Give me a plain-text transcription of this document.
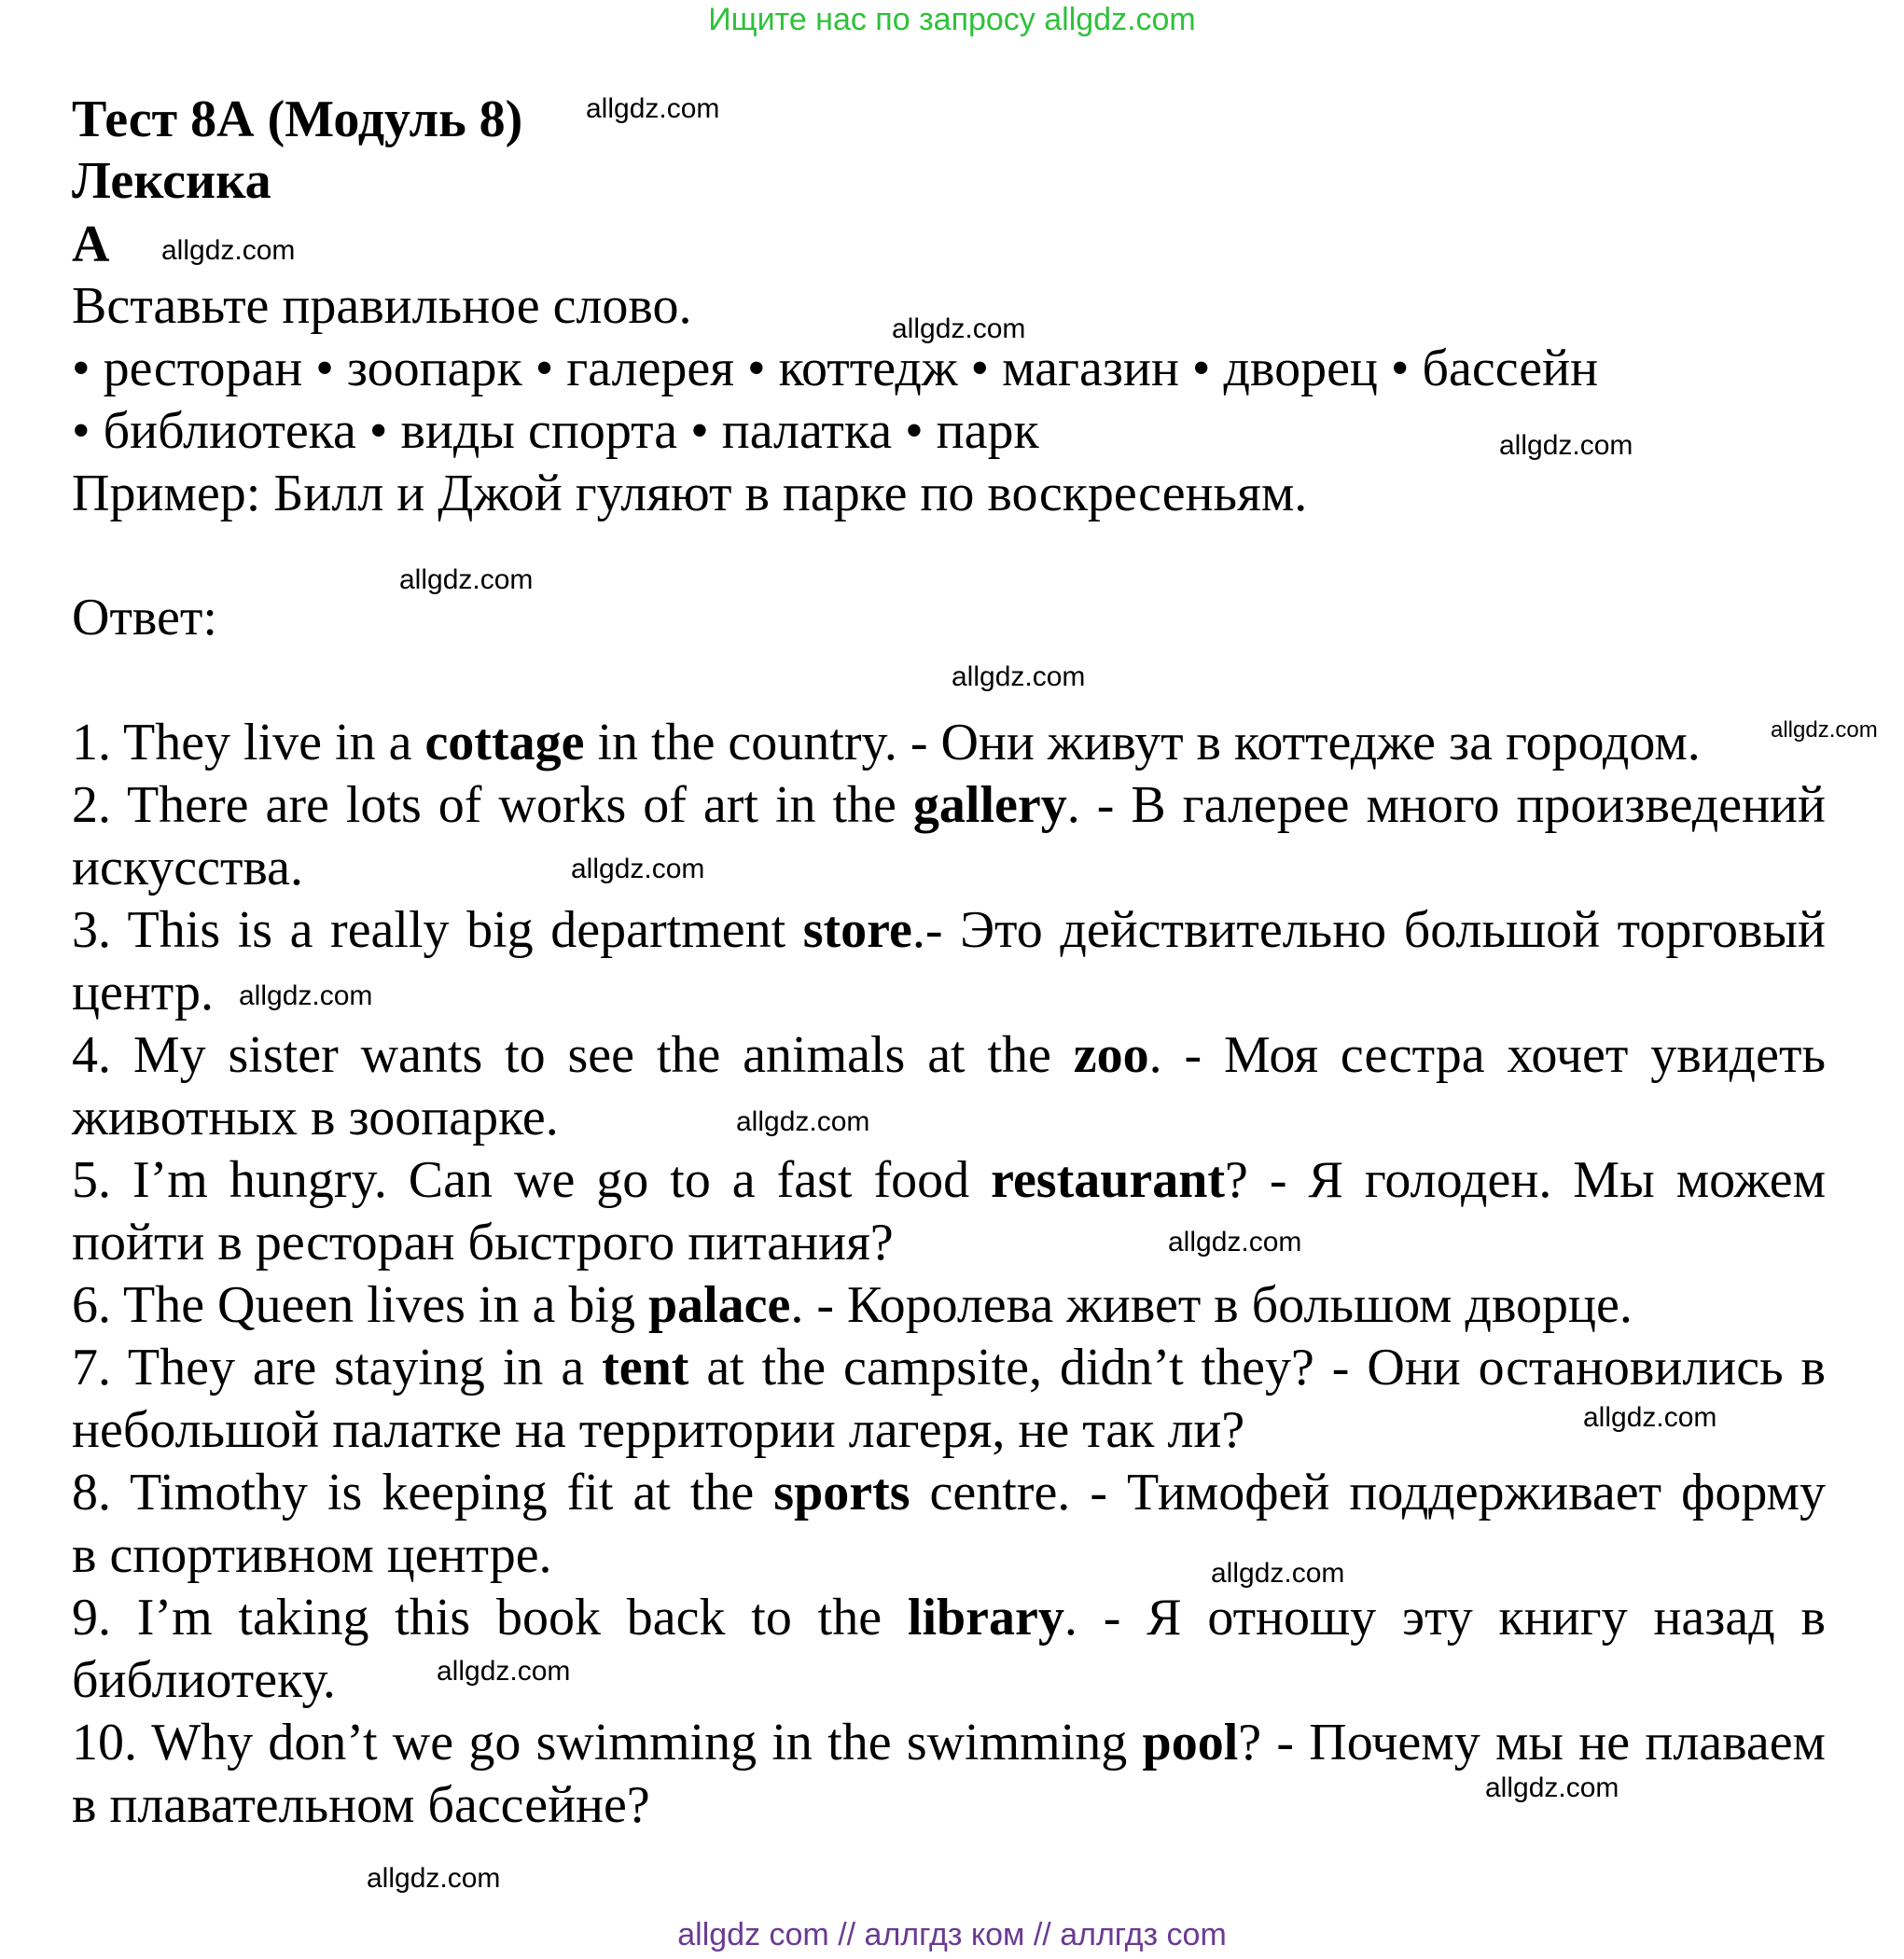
Ищите нас по запросу allgdz.com
Тест 8А (Модуль 8)
Лексика
А
Вставьте правильное слово.
• ресторан • зоопарк • галерея • коттедж • магазин • дворец • бассейн
• библиотека • виды спорта • палатка • парк
Пример: Билл и Джой гуляют в парке по воскресеньям.
Ответ:
1. They live in a cottage in the country. - Они живут в коттедже за городом.
2. There are lots of works of art in the gallery. - В галерее много произведений
искусства.
3. This is a really big department store.- Это действительно большой торговый
центр.
4. My sister wants to see the animals at the zoo. - Моя сестра хочет увидеть
животных в зоопарке.
5. I’m hungry. Can we go to a fast food restaurant? - Я голоден. Мы можем
пойти в ресторан быстрого питания?
6. The Queen lives in a big palace. - Королева живет в большом дворце.
7. They are staying in a tent at the campsite, didn’t they? - Они остановились в
небольшой палатке на территории лагеря, не так ли?
8. Timothy is keeping fit at the sports centre. - Тимофей поддерживает форму
в спортивном центре.
9. I’m taking this book back to the library. - Я отношу эту книгу назад в
библиотеку.
10. Why don’t we go swimming in the swimming pool? - Почему мы не плаваем
в плавательном бассейне?
allgdz.com
allgdz.com
allgdz.com
allgdz.com
allgdz.com
allgdz.com
allgdz.com
allgdz.com
allgdz.com
allgdz.com
allgdz.com
allgdz.com
allgdz.com
allgdz.com
allgdz.com
allgdz.com
allgdz com // аллгдз ком // аллгдз com
